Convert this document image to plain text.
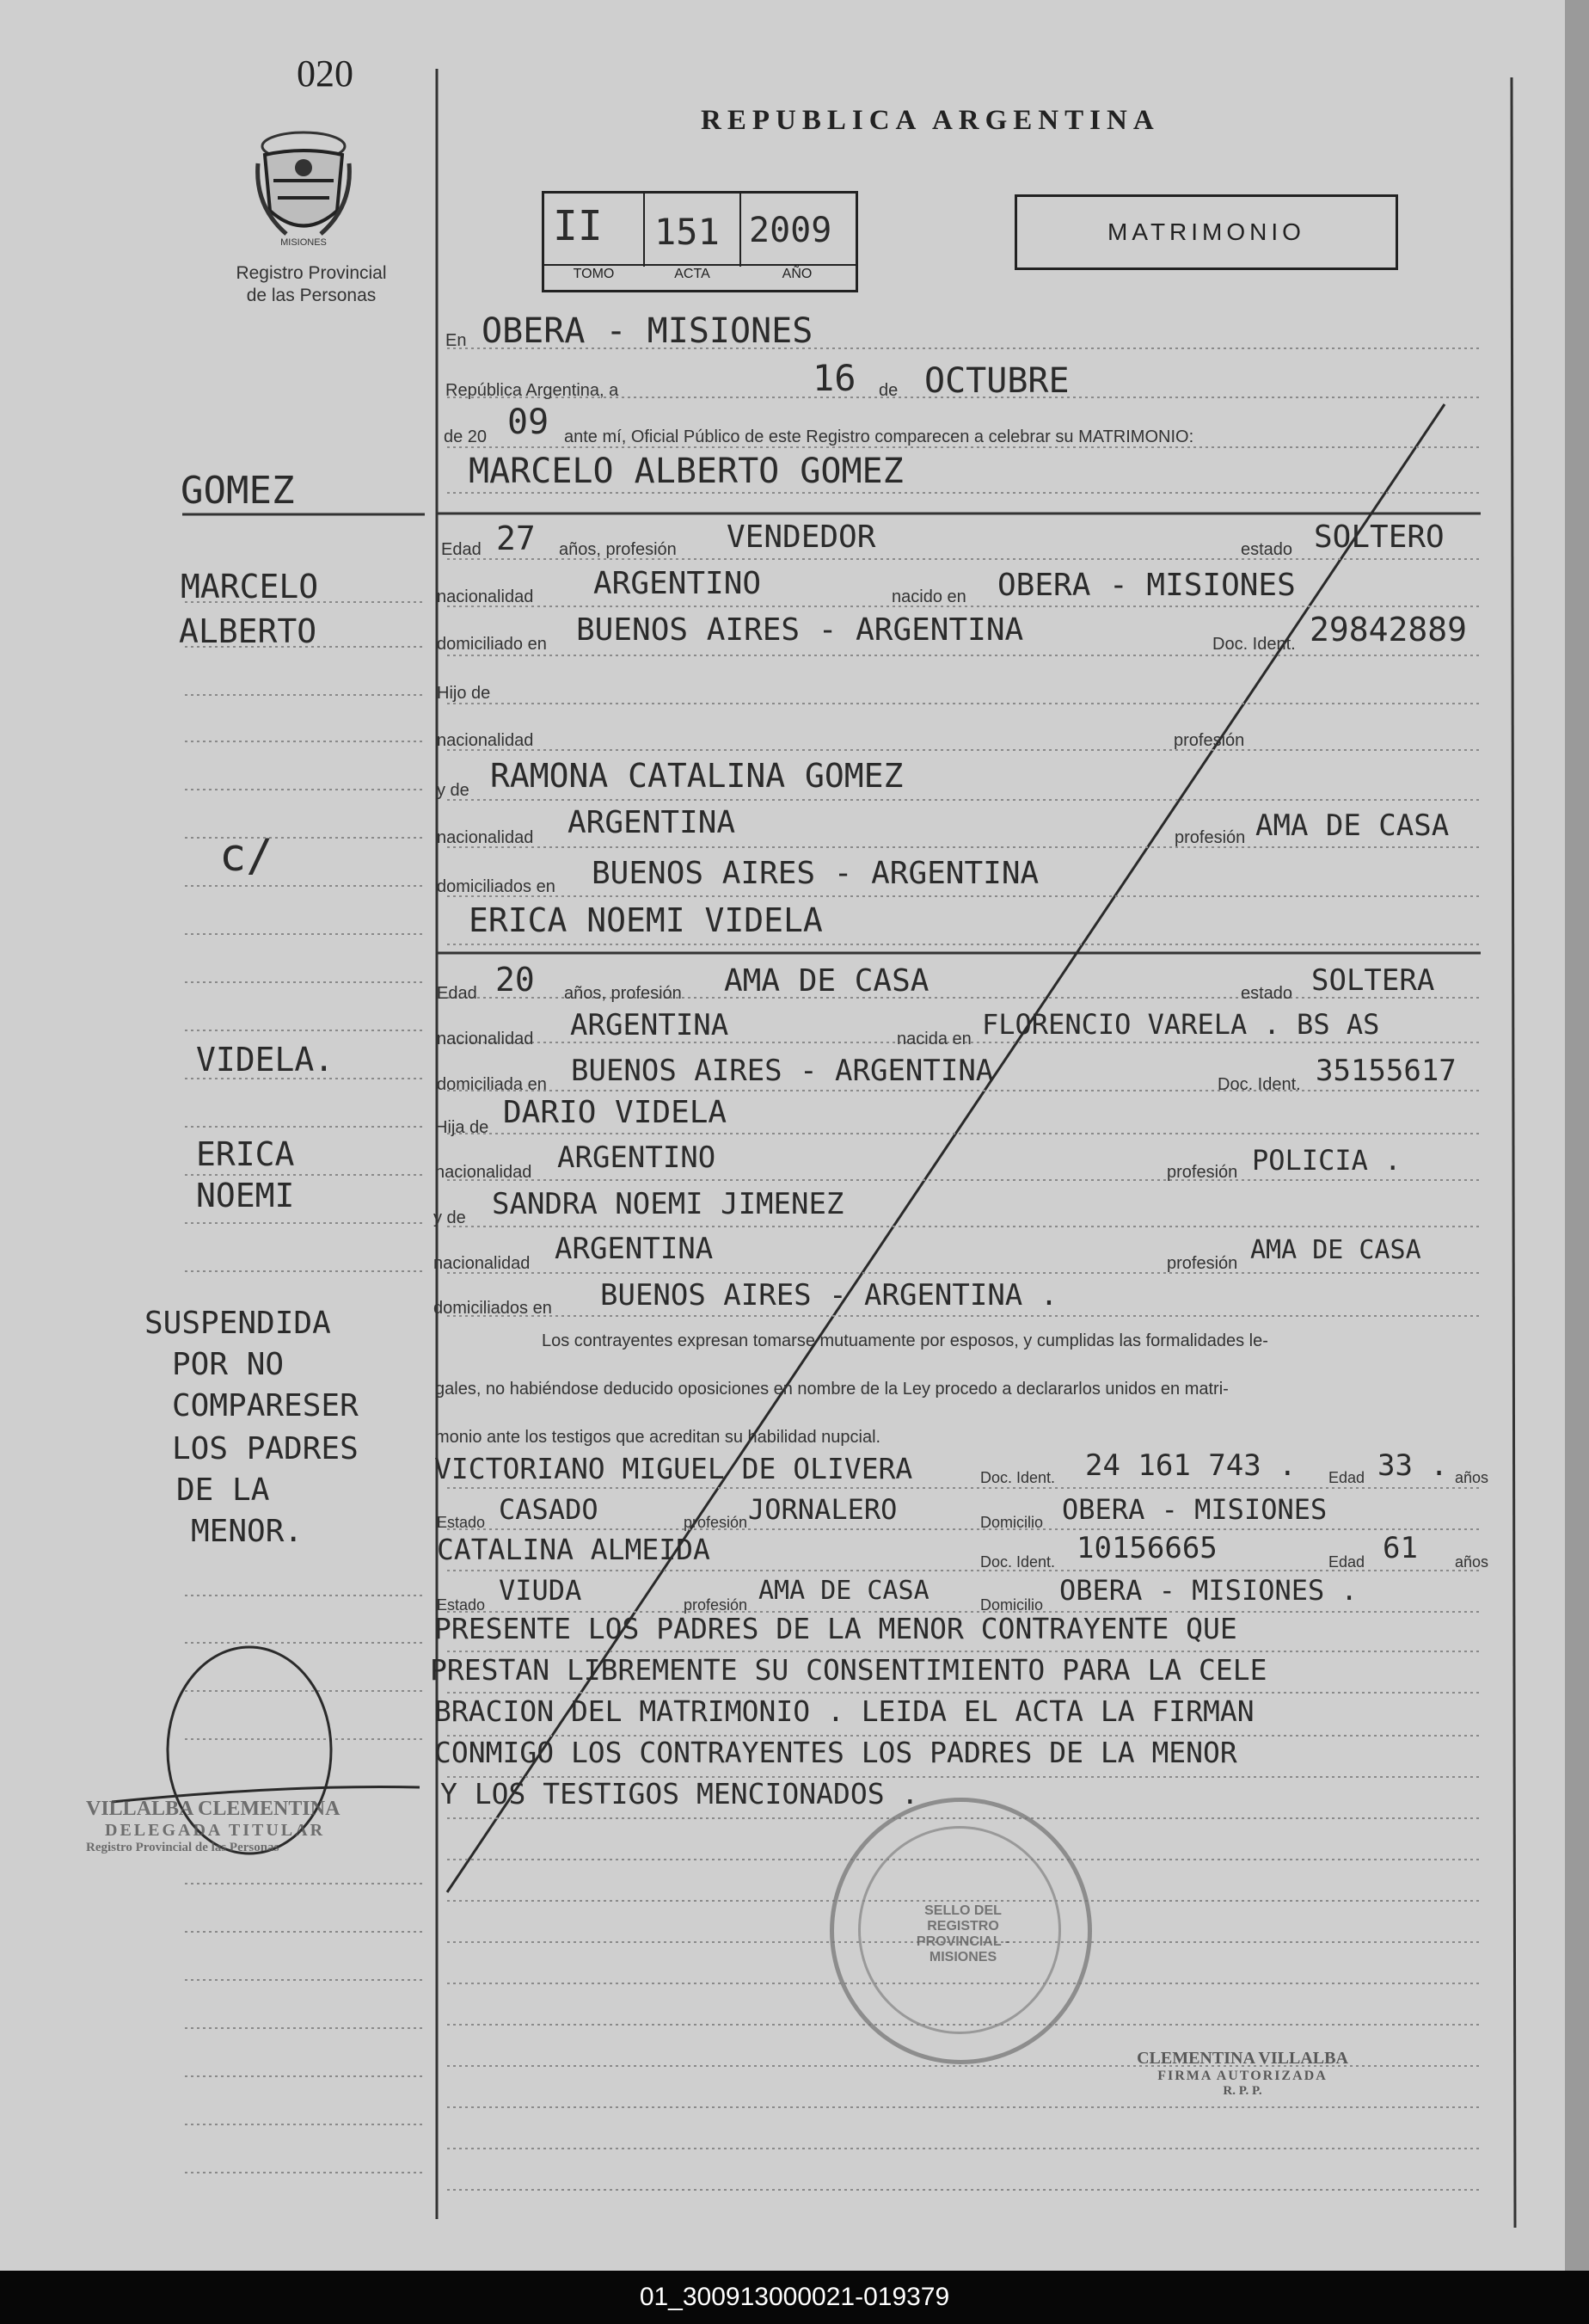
020
MISIONES
Registro Provincial
de las Personas
REPUBLICA ARGENTINA
II 151 2009
TOMO	ACTA	AÑO
MATRIMONIO
En OBERA - MISIONES
República Argentina, a	16 de OCTUBRE
de 20 09 ante mí, Oficial Público de este Registro comparecen a celebrar su MATRIMONIO:
MARCELO ALBERTO GOMEZ
Edad 27 años, profesión VENDEDOR	estado SOLTERO
nacionalidad ARGENTINO	nacido en OBERA - MISIONES
domiciliado en BUENOS AIRES - ARGENTINA	Doc. Ident. 29842889
Hijo de
nacionalidad	profesión
y de RAMONA CATALINA GOMEZ
nacionalidad ARGENTINA	profesión AMA DE CASA
domiciliados en BUENOS AIRES - ARGENTINA
ERICA NOEMI VIDELA
Edad 20 años, profesión AMA DE CASA	estado SOLTERA
nacionalidad ARGENTINA	nacida en FLORENCIO VARELA . BS AS
domiciliada en BUENOS AIRES - ARGENTINA	Doc. Ident. 35155617
Hija de DARIO VIDELA
nacionalidad ARGENTINO	profesión POLICIA .
y de SANDRA NOEMI JIMENEZ
nacionalidad ARGENTINA	profesión AMA DE CASA
domiciliados en BUENOS AIRES - ARGENTINA .
Los contrayentes expresan tomarse mutuamente por esposos, y cumplidas las formalidades le-
gales, no habiéndose deducido oposiciones en nombre de la Ley procedo a declararlos unidos en matri-
monio ante los testigos que acreditan su habilidad nupcial.
VICTORIANO MIGUEL DE OLIVERA	Doc. Ident. 24 161 743 . Edad 33 . años
Estado CASADO	profesión JORNALERO	Domicilio OBERA - MISIONES
CATALINA ALMEIDA	Doc. Ident. 10156665	Edad 61 años
Estado VIUDA	profesión AMA DE CASA	Domicilio OBERA - MISIONES .
PRESENTE LOS PADRES DE LA MENOR CONTRAYENTE QUE
PRESTAN LIBREMENTE SU CONSENTIMIENTO PARA LA CELE
BRACION DEL MATRIMONIO . LEIDA EL ACTA LA FIRMAN
CONMIGO LOS CONTRAYENTES LOS PADRES DE LA MENOR
Y LOS TESTIGOS MENCIONADOS .
GOMEZ
MARCELO
ALBERTO
c/
VIDELA.
ERICA
NOEMI
SUSPENDIDA
POR NO
COMPARESER
LOS PADRES
DE LA
MENOR.
VILLALBA CLEMENTINA
DELEGADA TITULAR
Registro Provincial de las Personas
SELLO DEL REGISTRO PROVINCIAL - MISIONES
CLEMENTINA VILLALBA
FIRMA AUTORIZADA
R. P. P.
01_300913000021-019379
